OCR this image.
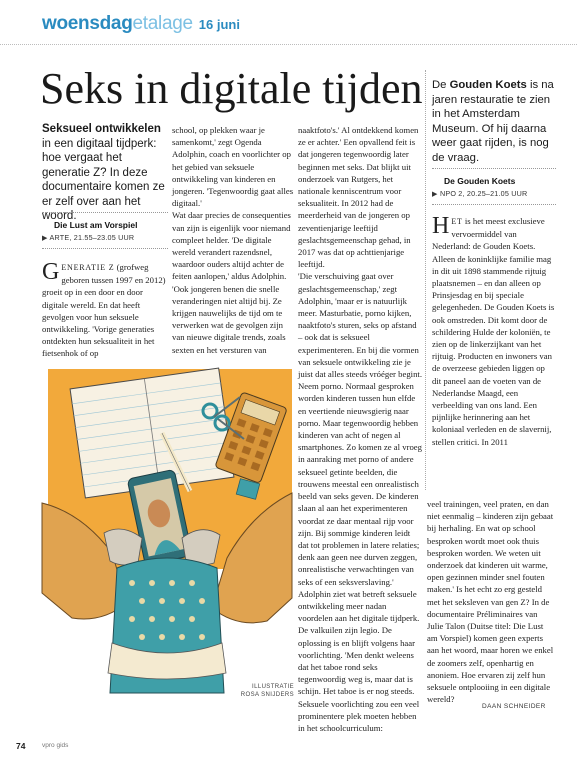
woensdagetalage 16 juni
Seks in digitale tijden
Seksueel ontwikkelen in een digitaal tijdperk: hoe vergaat het generatie Z? In deze documentaire komen ze er zelf over aan het woord.
Die Lust am Vorspiel
▶ ARTE, 21.55–23.05 UUR
GENERATIE Z (grofweg geboren tussen 1997 en 2012) groeit op in een door en door digitale wereld. En dat heeft gevolgen voor hun seksuele ontwikkeling. 'Vorige generaties ontdekten hun seksualiteit in het fietsenhok of op

school, op plekken waar je samenkomt,' zegt Ogenda Adolphin, coach en voorlichter op het gebied van seksuele ontwikkeling van kinderen en jongeren. 'Tegenwoordig gaat alles digitaal.'

Wat daar precies de consequenties van zijn is eigenlijk voor niemand compleet helder. 'De digitale wereld verandert razendsnel, waardoor ouders altijd achter de feiten aanlopen,' aldus Adolphin. 'Ook jongeren benen die snelle veranderingen niet altijd bij. Ze krijgen nauwelijks de tijd om te verwerken wat de gevolgen zijn van nieuwe digitale trends, zoals sexten en het versturen van

naaktfoto's.' Al ontdekkend komen ze er achter.' Een opvallend feit is dat jongeren tegenwoordig later beginnen met seks. Dat blijkt uit onderzoek van Rutgers, het nationale kenniscentrum voor seksualiteit. In 2012 had de meerderheid van de jongeren op zeventienjarige leeftijd geslachtsgemeenschap gehad, in 2017 was dat op achttienjarige leeftijd.

'Die verschuiving gaat over geslachtsgemeenschap,' zegt Adolphin, 'maar er is natuurlijk meer. Masturbatie, porno kijken, naaktfoto's sturen, seks op afstand – ook dat is seksueel experimenteren. En bij die vormen van seksuele ontwikkeling zie je juist dat alles steeds vróéger begint. Neem porno. Normaal gesproken worden kinderen tussen hun elfde en veertiende nieuwsgierig naar porno. Maar tegenwoordig hebben kinderen van acht of negen al smartphones. Zo komen ze al vroeg in aanraking met porno of andere seksueel getinte beelden, die trouwens meestal een onrealistisch beeld van seks geven. De kinderen slaan al aan het experimenteren voordat ze daar mentaal rijp voor zijn. Bij sommige kinderen leidt dat tot problemen in latere relaties; denk aan geen nee durven zeggen, onrealistische verwachtingen van seks of een seksverslaving.'

Adolphin ziet wat betreft seksuele ontwikkeling meer nadan voordelen aan het digitale tijdperk. De valkuilen zijn legio. De oplossing is en blijft volgens haar voorlichting. 'Men denkt weleens dat het taboe rond seks tegenwoordig weg is, maar dat is schijn. Het taboe is er nog steeds. Seksuele voorlichting zou een veel prominentere plek moeten hebben in het schoolcurriculum:

ILLUSTRATIE
ROSA SNIJDERS

veel trainingen, veel praten, en dan niet eenmalig – kinderen zijn gebaat bij herhaling. En wat op school besproken wordt moet ook thuis besproken worden. We weten uit onderzoek dat kinderen uit warme, open gezinnen minder snel fouten maken.' Is het echt zo erg gesteld met het seksleven van gen Z? In de documentaire Préliminaires van Julie Talon (Duitse titel: Die Lust am Vorspiel) komen geen experts aan het woord, maar horen we enkel de zoomers zelf, openhartig en anoniem. Hoe ervaren zij zelf hun seksuele ontplooiing in een digitale wereld?

DAAN SCHNEIDER
De Gouden Koets is na jaren restauratie te zien in het Amsterdam Museum. Of hij daarna weer gaat rijden, is nog de vraag.
De Gouden Koets
▶ NPO 2, 20.25–21.05 UUR
HET is het meest exclusieve vervoermiddel van Nederland: de Gouden Koets. Alleen de koninklijke familie mag in dit uit 1898 stammende rijtuig plaatsnemen – en dan alleen op Prinsjesdag en bij speciale gelegenheden. De Gouden Koets is ook omstreden. Dit komt door de schildering Hulde der koloniën, te zien op de linkerzijkant van het rijtuig. Producten en inwoners van de overzeese gebieden liggen op dit paneel aan de voeten van de Nederlandse Maagd, een verbeelding van ons land. Een pijnlijke herinnering aan het koloniaal verleden en de slavernij, stellen critici. In 2011
74	vpro gids
